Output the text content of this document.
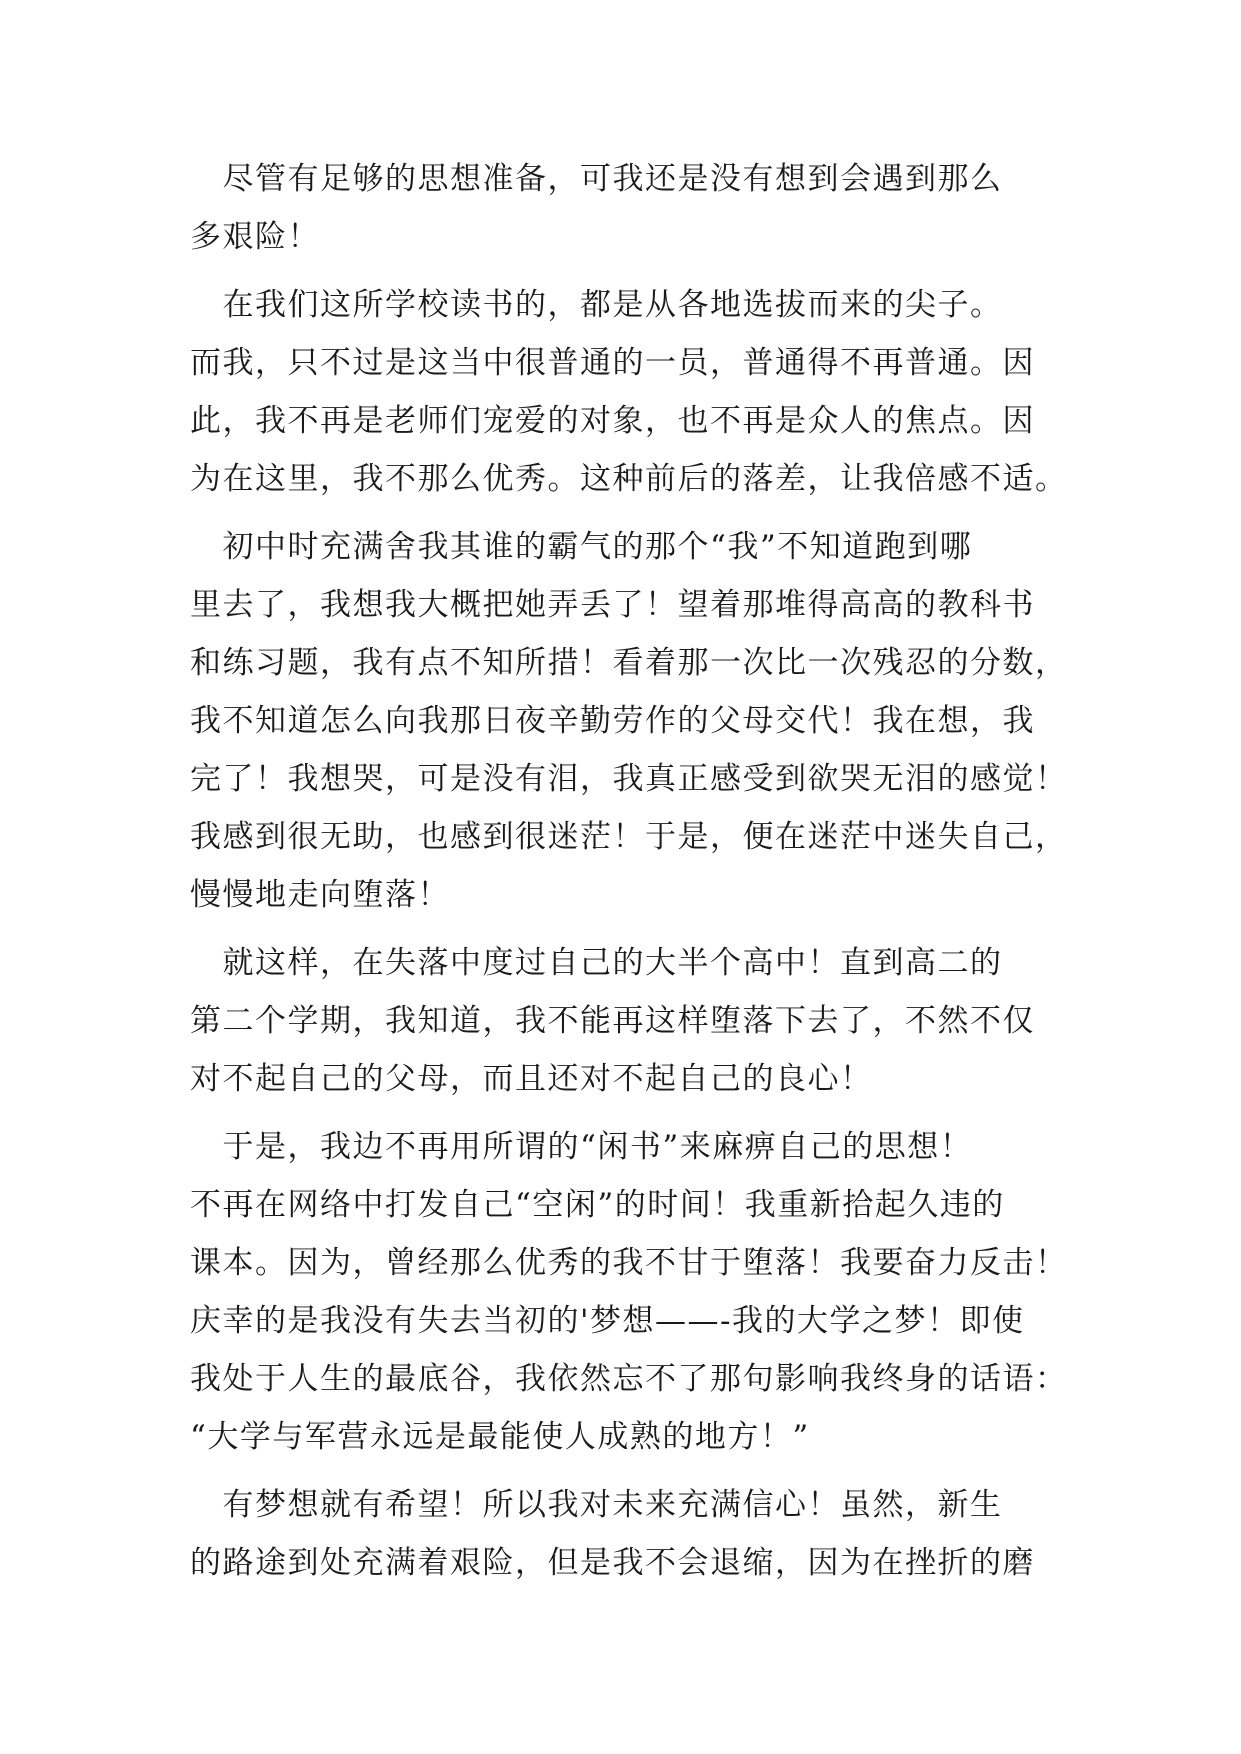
　尽管有足够的思想准备，可我还是没有想到会遇到那么
多艰险！
　在我们这所学校读书的，都是从各地选拔而来的尖子。
而我，只不过是这当中很普通的一员，普通得不再普通。因
此，我不再是老师们宠爱的对象，也不再是众人的焦点。因
为在这里，我不那么优秀。这种前后的落差，让我倍感不适。
　初中时充满舍我其谁的霸气的那个“我”不知道跑到哪
里去了，我想我大概把她弄丢了！望着那堆得高高的教科书
和练习题，我有点不知所措！看着那一次比一次残忍的分数，
我不知道怎么向我那日夜辛勤劳作的父母交代！我在想，我
完了！我想哭，可是没有泪，我真正感受到欲哭无泪的感觉！
我感到很无助，也感到很迷茫！于是，便在迷茫中迷失自己，
慢慢地走向堕落！
　就这样，在失落中度过自己的大半个高中！直到高二的
第二个学期，我知道，我不能再这样堕落下去了，不然不仅
对不起自己的父母，而且还对不起自己的良心！
　于是，我边不再用所谓的“闲书”来麻痹自己的思想！
不再在网络中打发自己“空闲”的时间！我重新拾起久违的
课本。因为，曾经那么优秀的我不甘于堕落！我要奋力反击！
庆幸的是我没有失去当初的'梦想——-我的大学之梦！即使
我处于人生的最底谷，我依然忘不了那句影响我终身的话语：
“大学与军营永远是最能使人成熟的地方！”
　有梦想就有希望！所以我对未来充满信心！虽然，新生
的路途到处充满着艰险，但是我不会退缩，因为在挫折的磨
